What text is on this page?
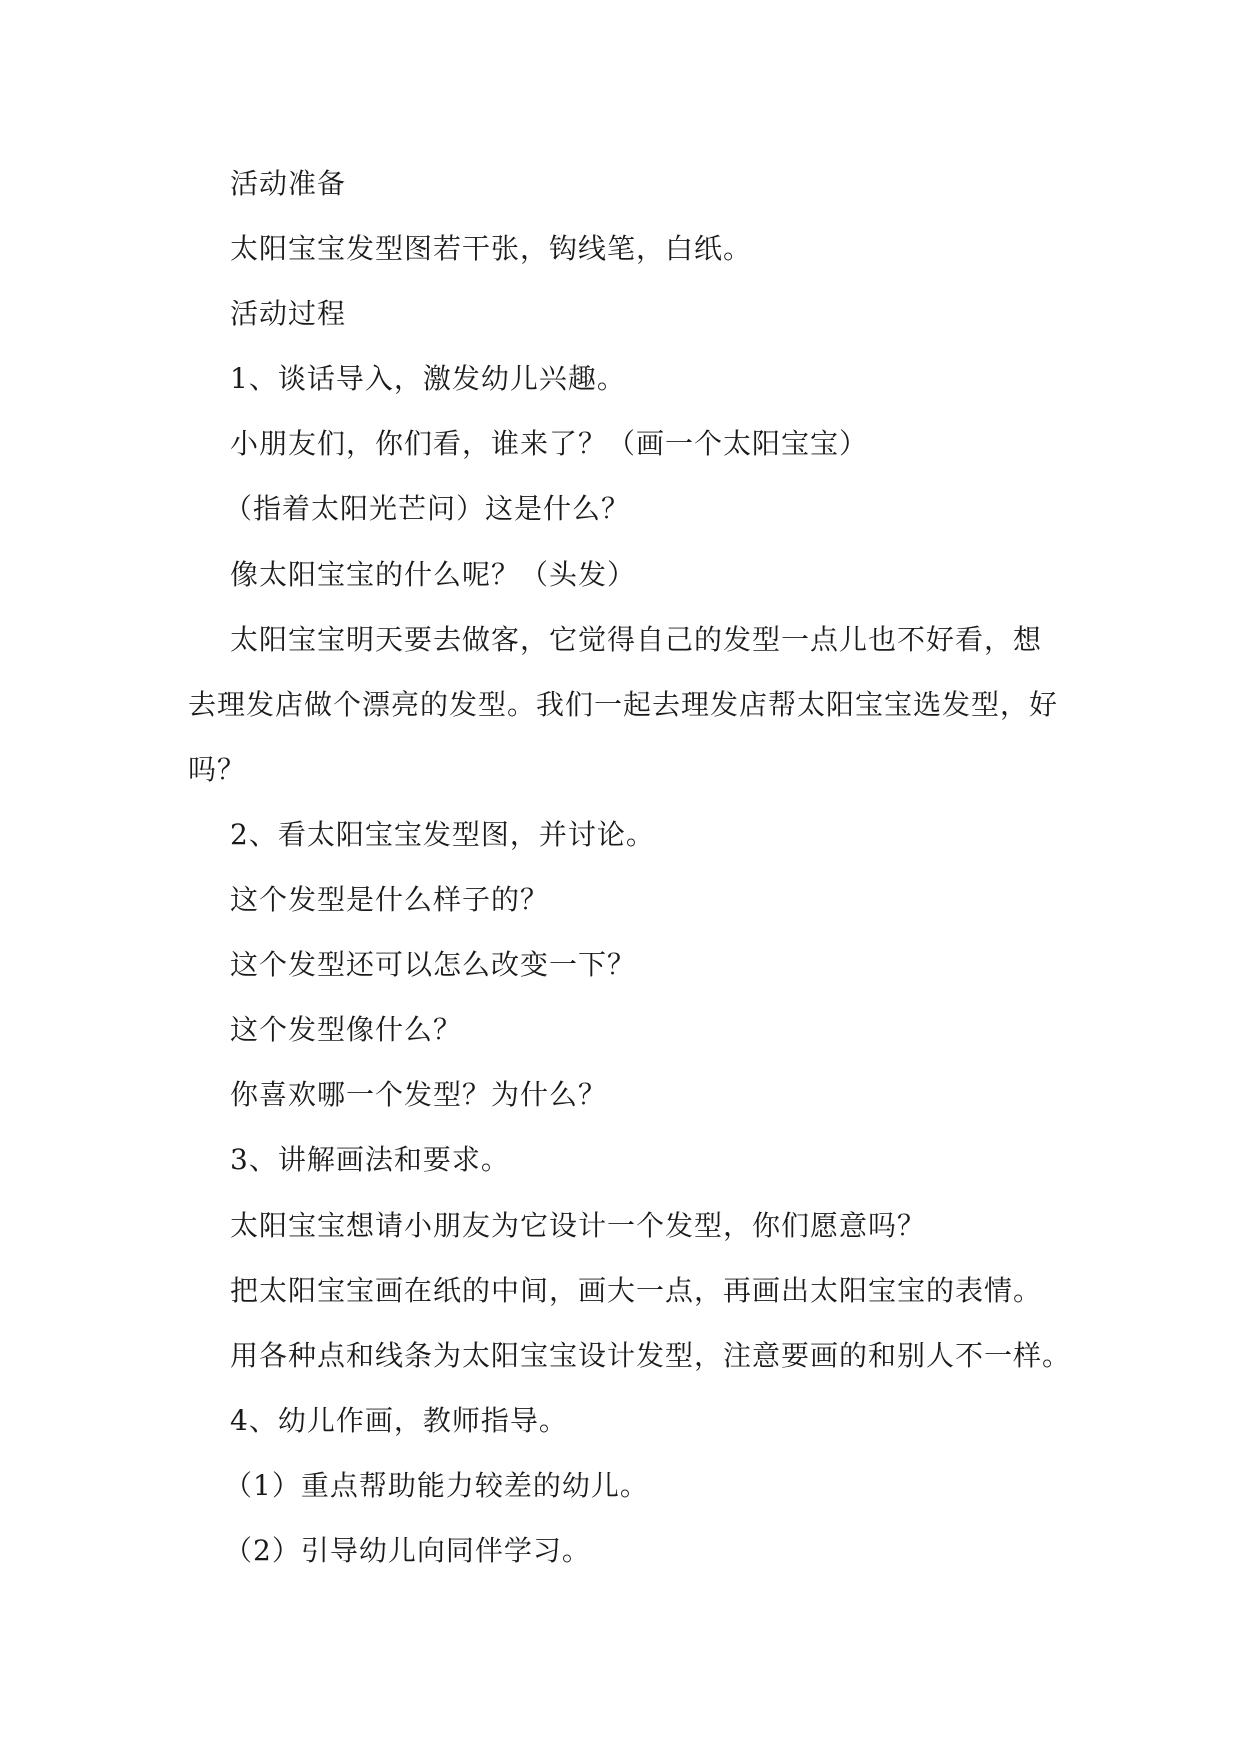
活动准备
太阳宝宝发型图若干张，钩线笔，白纸。
活动过程
1、谈话导入，激发幼儿兴趣。
小朋友们，你们看，谁来了？（画一个太阳宝宝）
（指着太阳光芒问）这是什么？
像太阳宝宝的什么呢？（头发）
太阳宝宝明天要去做客，它觉得自己的发型一点儿也不好看，想
去理发店做个漂亮的发型。我们一起去理发店帮太阳宝宝选发型，好
吗？
2、看太阳宝宝发型图，并讨论。
这个发型是什么样子的？
这个发型还可以怎么改变一下？
这个发型像什么？
你喜欢哪一个发型？为什么？
3、讲解画法和要求。
太阳宝宝想请小朋友为它设计一个发型，你们愿意吗？
把太阳宝宝画在纸的中间，画大一点，再画出太阳宝宝的表情。
用各种点和线条为太阳宝宝设计发型，注意要画的和别人不一样。
4、幼儿作画，教师指导。
（1）重点帮助能力较差的幼儿。
（2）引导幼儿向同伴学习。
